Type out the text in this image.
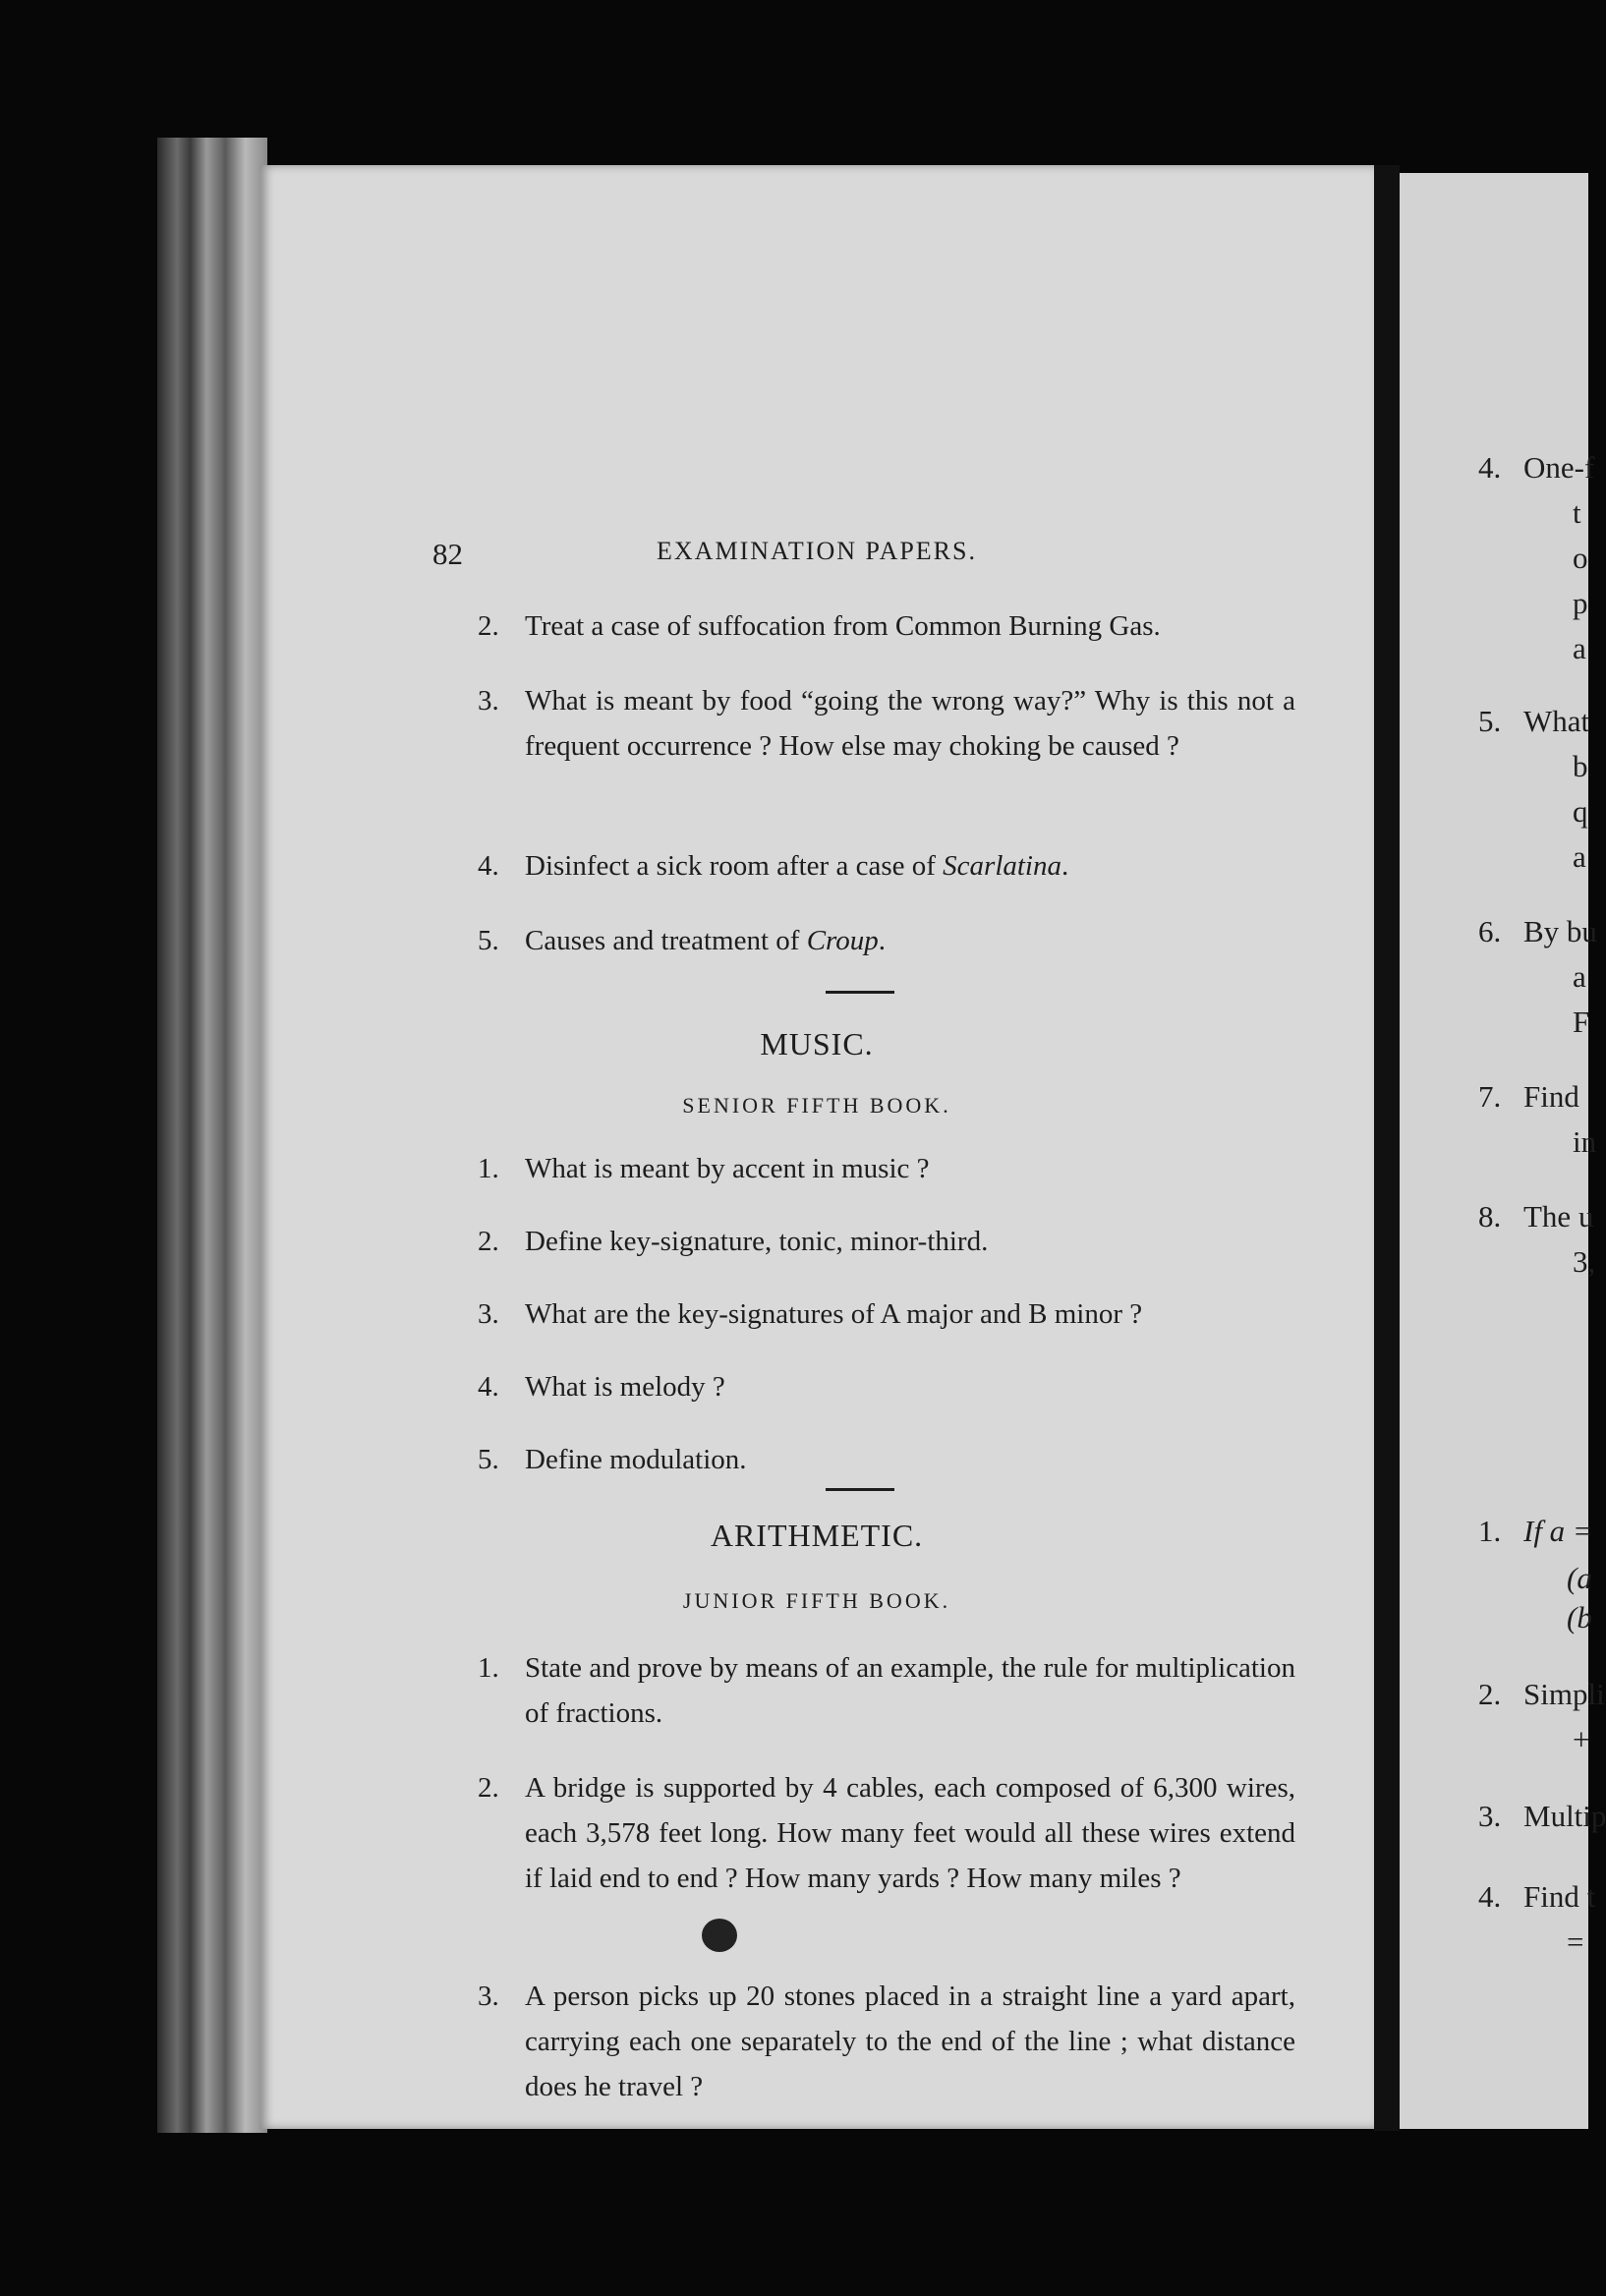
82	EXAMINATION PAPERS.
2. Treat a case of suffocation from Common Burning Gas.
3. What is meant by food “going the wrong way?” Why is this not a frequent occurrence ? How else may choking be caused ?
4. Disinfect a sick room after a case of Scarlatina.
5. Causes and treatment of Croup.
MUSIC.
SENIOR FIFTH BOOK.
1. What is meant by accent in music ?
2. Define key-signature, tonic, minor-third.
3. What are the key-signatures of A major and B minor ?
4. What is melody ?
5. Define modulation.
ARITHMETIC.
JUNIOR FIFTH BOOK.
1. State and prove by means of an example, the rule for multiplication of fractions.
2. A bridge is supported by 4 cables, each composed of 6,300 wires, each 3,578 feet long. How many feet would all these wires extend if laid end to end ? How many yards ? How many miles ?
3. A person picks up 20 stones placed in a straight line a yard apart, carrying each one separately to the end of the line ; what distance does he travel ?
4. One-f
t
o
p
a
5. What
b
q
a
6. By bu
a
F
7. Find
in
8. The u
3,
1. If a =
(a
(b
2. Simpli
+
3. Multip
4. Find t
=
